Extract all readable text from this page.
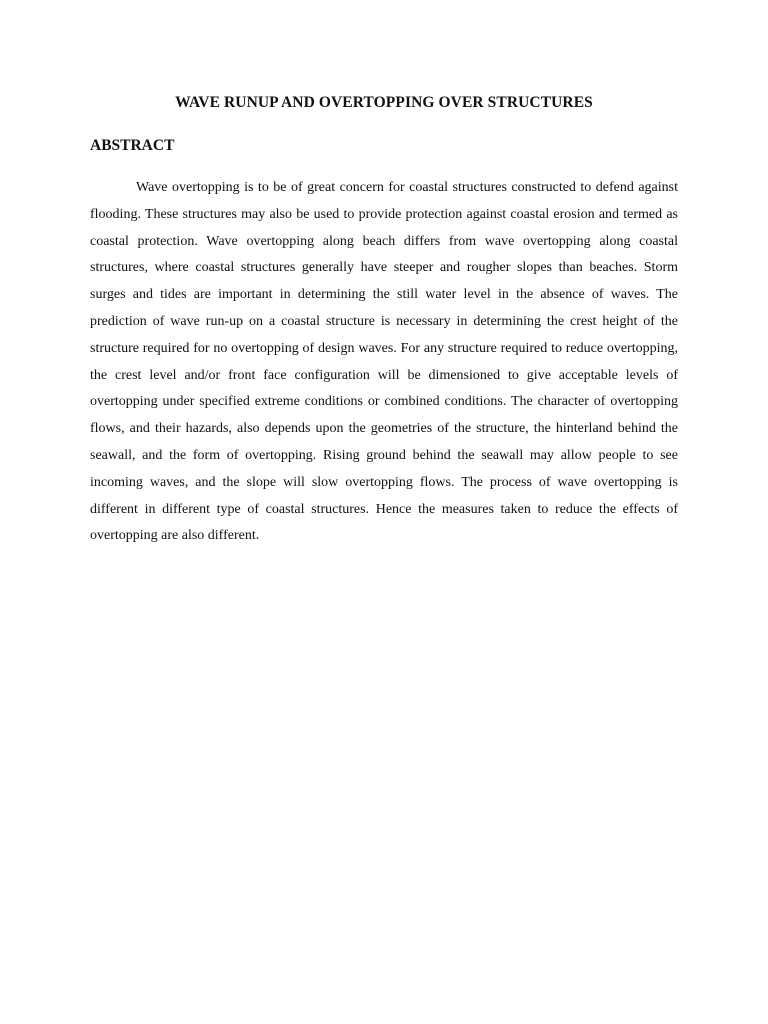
WAVE RUNUP AND OVERTOPPING OVER STRUCTURES
ABSTRACT

Wave overtopping is to be of great concern for coastal structures constructed to defend against flooding. These structures may also be used to provide protection against coastal erosion and termed as coastal protection. Wave overtopping along beach differs from wave overtopping along coastal structures, where coastal structures generally have steeper and rougher slopes than beaches. Storm surges and tides are important in determining the still water level in the absence of waves. The prediction of wave run-up on a coastal structure is necessary in determining the crest height of the structure required for no overtopping of design waves. For any structure required to reduce overtopping, the crest level and/or front face configuration will be dimensioned to give acceptable levels of overtopping under specified extreme conditions or combined conditions. The character of overtopping flows, and their hazards, also depends upon the geometries of the structure, the hinterland behind the seawall, and the form of overtopping. Rising ground behind the seawall may allow people to see incoming waves, and the slope will slow overtopping flows. The process of wave overtopping is different in different type of coastal structures. Hence the measures taken to reduce the effects of overtopping are also different.
